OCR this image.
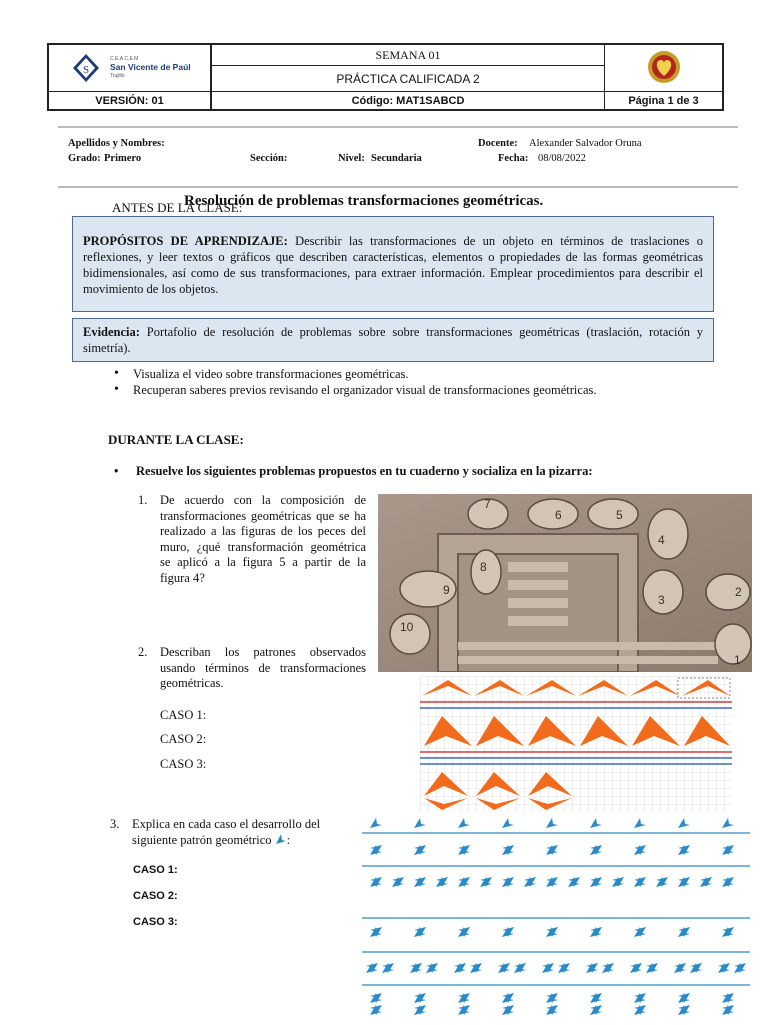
S
C.E.A.C.E.M
San Vicente de Paúl
Trujillo
SEMANA 01
PRÁCTICA CALIFICADA 2
VERSIÓN: 01	Código: MAT1SABCD	Página 1 de 3
Apellidos y Nombres:	Docente: Alexander Salvador Oruna
Grado: Primero	Sección:	Nivel: Secundaria	Fecha: 08/08/2022
ANTES DE LA CLASE:
Resolución de problemas transformaciones geométricas.
PROPÓSITOS DE APRENDIZAJE: Describir las transformaciones de un objeto en términos de traslaciones o reflexiones, y leer textos o gráficos que describen características, elementos o propiedades de las formas geométricas bidimensionales, así como de sus transformaciones, para extraer información. Emplear procedimientos para describir el movimiento de los objetos.
Evidencia: Portafolio de resolución de problemas sobre sobre transformaciones geométricas (traslación, rotación y simetría).
• Visualiza el video sobre transformaciones geométricas.
• Recuperan saberes previos revisando el organizador visual de transformaciones geométricas.
DURANTE LA CLASE:
• Resuelve los siguientes problemas propuestos en tu cuaderno y socializa en la pizarra:
1. De acuerdo con la composición de transformaciones geométricas que se ha realizado a las figuras de los peces del muro, ¿qué transformación geométrica se aplicó a la figura 5 a partir de la figura 4?
7
6	5
4
8
9
3
2
10
1
2. Describan los patrones observados usando términos de transformaciones geométricas.
CASO 1:
CASO 2:
CASO 3:
3. Explica en cada caso el desarrollo del
siguiente patrón geométrico :
CASO 1:
CASO 2:
CASO 3:
